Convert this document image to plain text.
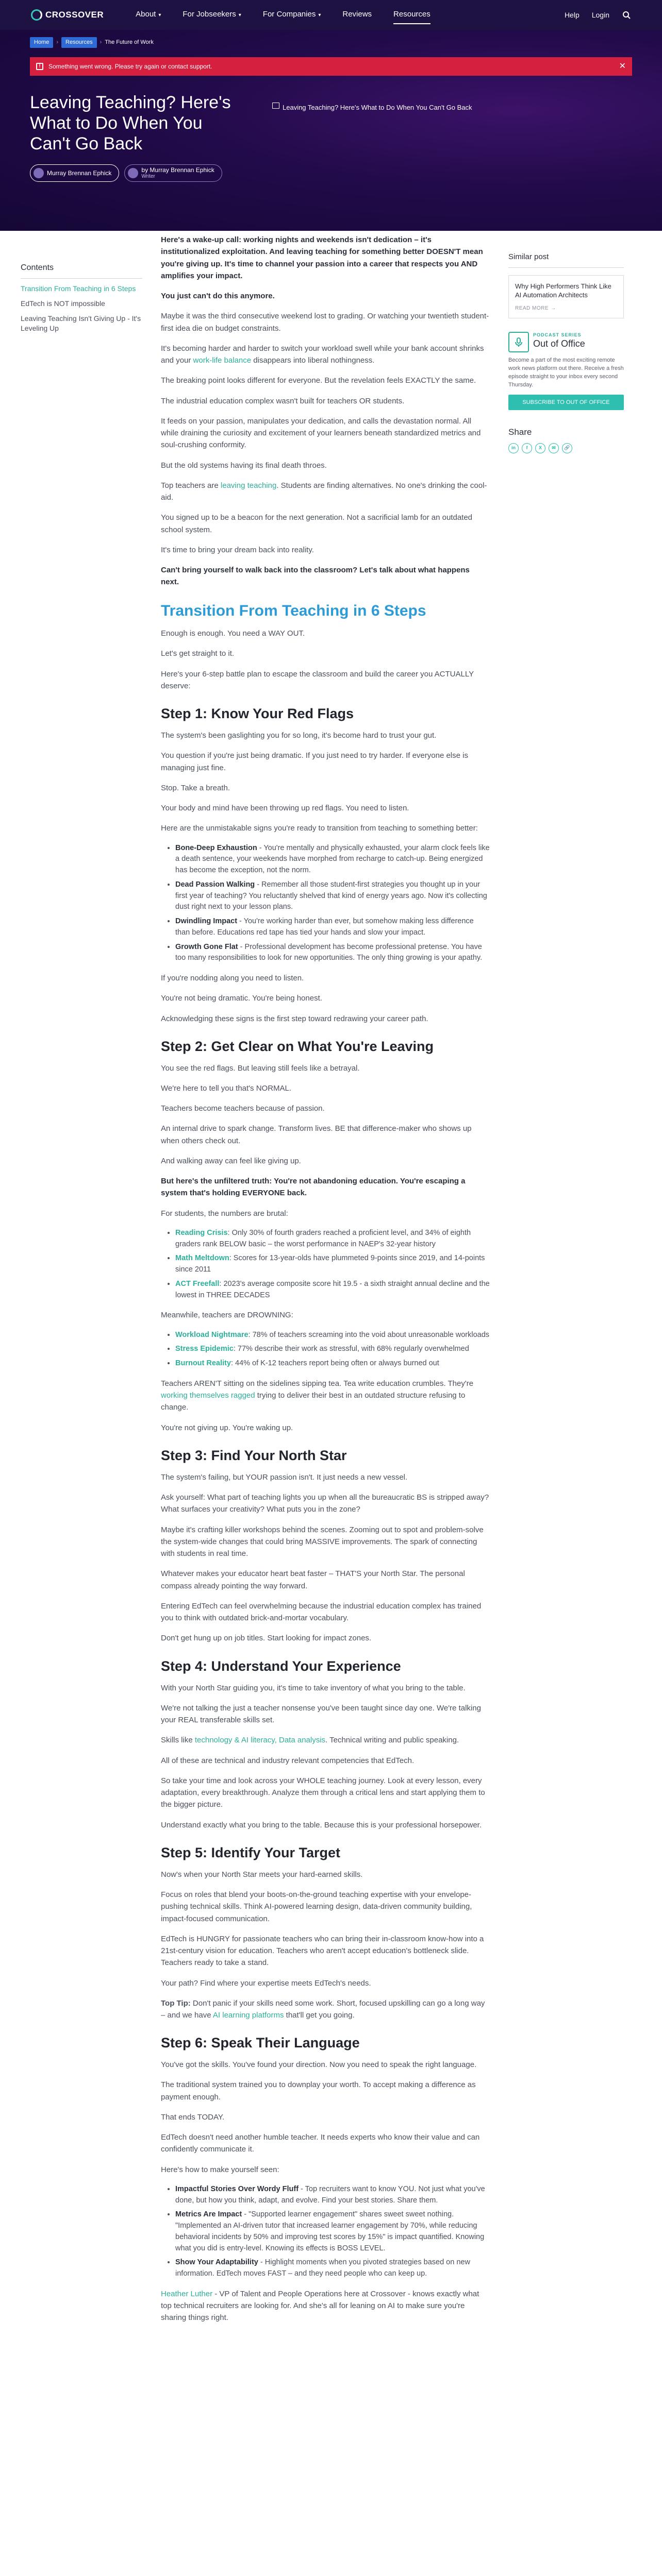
CROSSOVER	About ▾	For Jobseekers ▾	For Companies ▾	Reviews	Resources	Help Login
Home	›	Resources	› The Future of Work
!	Something went wrong. Please try again or contact support.	✕
Leaving Teaching? Here's What to Do When You Can't Go Back
Murray Brennan Ephick	by Murray Brennan Ephick
Writer
Leaving Teaching? Here's What to Do When You Can't Go Back
Contents
Transition From Teaching in 6 Steps
EdTech is NOT impossible
Leaving Teaching Isn't Giving Up - It's Leveling Up

Here's a wake-up call: working nights and weekends isn't dedication – it's institutionalized exploitation. And leaving teaching for something better DOESN'T mean you're giving up. It's time to channel your passion into a career that respects you AND amplifies your impact.

You just can't do this anymore.

Maybe it was the third consecutive weekend lost to grading. Or watching your twentieth student-first idea die on budget constraints.

It's becoming harder and harder to switch your workload swell while your bank account shrinks and your work-life balance disappears into liberal nothingness.

The breaking point looks different for everyone. But the revelation feels EXACTLY the same.

The industrial education complex wasn't built for teachers OR students.

It feeds on your passion, manipulates your dedication, and calls the devastation normal. All while draining the curiosity and excitement of your learners beneath standardized metrics and soul-crushing conformity.

But the old systems having its final death throes.

Top teachers are leaving teaching. Students are finding alternatives. No one's drinking the cool-aid.

You signed up to be a beacon for the next generation. Not a sacrificial lamb for an outdated school system.

It's time to bring your dream back into reality.

Can't bring yourself to walk back into the classroom? Let's talk about what happens next.

Transition From Teaching in 6 Steps

Enough is enough. You need a WAY OUT.

Let's get straight to it.

Here's your 6-step battle plan to escape the classroom and build the career you ACTUALLY deserve:

Step 1: Know Your Red Flags

The system's been gaslighting you for so long, it's become hard to trust your gut.

You question if you're just being dramatic. If you just need to try harder. If everyone else is managing just fine.

Stop. Take a breath.

Your body and mind have been throwing up red flags. You need to listen.

Here are the unmistakable signs you're ready to transition from teaching to something better:

• Bone-Deep Exhaustion - You're mentally and physically exhausted, your alarm clock feels like a death sentence, your weekends have morphed from recharge to catch-up. Being energized has become the exception, not the norm.
• Dead Passion Walking - Remember all those student-first strategies you thought up in your first year of teaching? You reluctantly shelved that kind of energy years ago. Now it's collecting dust right next to your lesson plans.
• Dwindling Impact - You're working harder than ever, but somehow making less difference than before. Educations red tape has tied your hands and slow your impact.
• Growth Gone Flat - Professional development has become professional pretense. You have too many responsibilities to look for new opportunities. The only thing growing is your apathy.

If you're nodding along you need to listen.

You're not being dramatic. You're being honest.

Acknowledging these signs is the first step toward redrawing your career path.

Step 2: Get Clear on What You're Leaving

You see the red flags. But leaving still feels like a betrayal.

We're here to tell you that's NORMAL.

Teachers become teachers because of passion.

An internal drive to spark change. Transform lives. BE that difference-maker who shows up when others check out.

And walking away can feel like giving up.

But here's the unfiltered truth: You're not abandoning education. You're escaping a system that's holding EVERYONE back.

For students, the numbers are brutal:

• Reading Crisis: Only 30% of fourth graders reached a proficient level, and 34% of eighth graders rank BELOW basic – the worst performance in NAEP's 32-year history
• Math Meltdown: Scores for 13-year-olds have plummeted 9-points since 2019, and 14-points since 2011
• ACT Freefall: 2023's average composite score hit 19.5 - a sixth straight annual decline and the lowest in THREE DECADES

Meanwhile, teachers are DROWNING:

• Workload Nightmare: 78% of teachers screaming into the void about unreasonable workloads
• Stress Epidemic: 77% describe their work as stressful, with 68% regularly overwhelmed
• Burnout Reality: 44% of K-12 teachers report being often or always burned out

Teachers AREN'T sitting on the sidelines sipping tea. Tea write education crumbles. They're working themselves ragged trying to deliver their best in an outdated structure refusing to change.

You're not giving up. You're waking up.

Step 3: Find Your North Star

The system's failing, but YOUR passion isn't. It just needs a new vessel.

Ask yourself: What part of teaching lights you up when all the bureaucratic BS is stripped away? What surfaces your creativity? What puts you in the zone?

Maybe it's crafting killer workshops behind the scenes. Zooming out to spot and problem-solve the system-wide changes that could bring MASSIVE improvements. The spark of connecting with students in real time.

Whatever makes your educator heart beat faster – THAT'S your North Star. The personal compass already pointing the way forward.

Entering EdTech can feel overwhelming because the industrial education complex has trained you to think with outdated brick-and-mortar vocabulary.

Don't get hung up on job titles. Start looking for impact zones.

Step 4: Understand Your Experience

With your North Star guiding you, it's time to take inventory of what you bring to the table.

We're not talking the just a teacher nonsense you've been taught since day one. We're talking your REAL transferable skills set.

Skills like technology & AI literacy, Data analysis. Technical writing and public speaking.

All of these are technical and industry relevant competencies that EdTech.

So take your time and look across your WHOLE teaching journey. Look at every lesson, every adaptation, every breakthrough. Analyze them through a critical lens and start applying them to the bigger picture.

Understand exactly what you bring to the table. Because this is your professional horsepower.

Step 5: Identify Your Target

Now's when your North Star meets your hard-earned skills.

Focus on roles that blend your boots-on-the-ground teaching expertise with your envelope-pushing technical skills. Think AI-powered learning design, data-driven community building, impact-focused communication.

EdTech is HUNGRY for passionate teachers who can bring their in-classroom know-how into a 21st-century vision for education. Teachers who aren't accept education's bottleneck slide. Teachers ready to take a stand.

Your path? Find where your expertise meets EdTech's needs.

Top Tip: Don't panic if your skills need some work. Short, focused upskilling can go a long way – and we have AI learning platforms that'll get you going.

Step 6: Speak Their Language

You've got the skills. You've found your direction. Now you need to speak the right language.

The traditional system trained you to downplay your worth. To accept making a difference as payment enough.

That ends TODAY.

EdTech doesn't need another humble teacher. It needs experts who know their value and can confidently communicate it.

Here's how to make yourself seen:

• Impactful Stories Over Wordy Fluff - Top recruiters want to know YOU. Not just what you've done, but how you think, adapt, and evolve. Find your best stories. Share them.
• Metrics Are Impact - "Supported learner engagement" shares sweet sweet nothing. "Implemented an AI-driven tutor that increased learner engagement by 70%, while reducing behavioral incidents by 50% and improving test scores by 15%" is impact quantified. Knowing what you did is entry-level. Knowing its effects is BOSS LEVEL.
• Show Your Adaptability - Highlight moments when you pivoted strategies based on new information. EdTech moves FAST – and they need people who can keep up.

Heather Luther - VP of Talent and People Operations here at Crossover - knows exactly what top technical recruiters are looking for. And she's all for leaning on AI to make sure you're sharing things right.

Similar post
Why High Performers Think Like AI Automation Architects
READ MORE →
PODCAST SERIES
Out of Office
Become a part of the most exciting remote work news platform out there. Receive a fresh episode straight to your inbox every second Thursday.
SUBSCRIBE TO OUT OF OFFICE
Share
in	f	X	✉	🔗
